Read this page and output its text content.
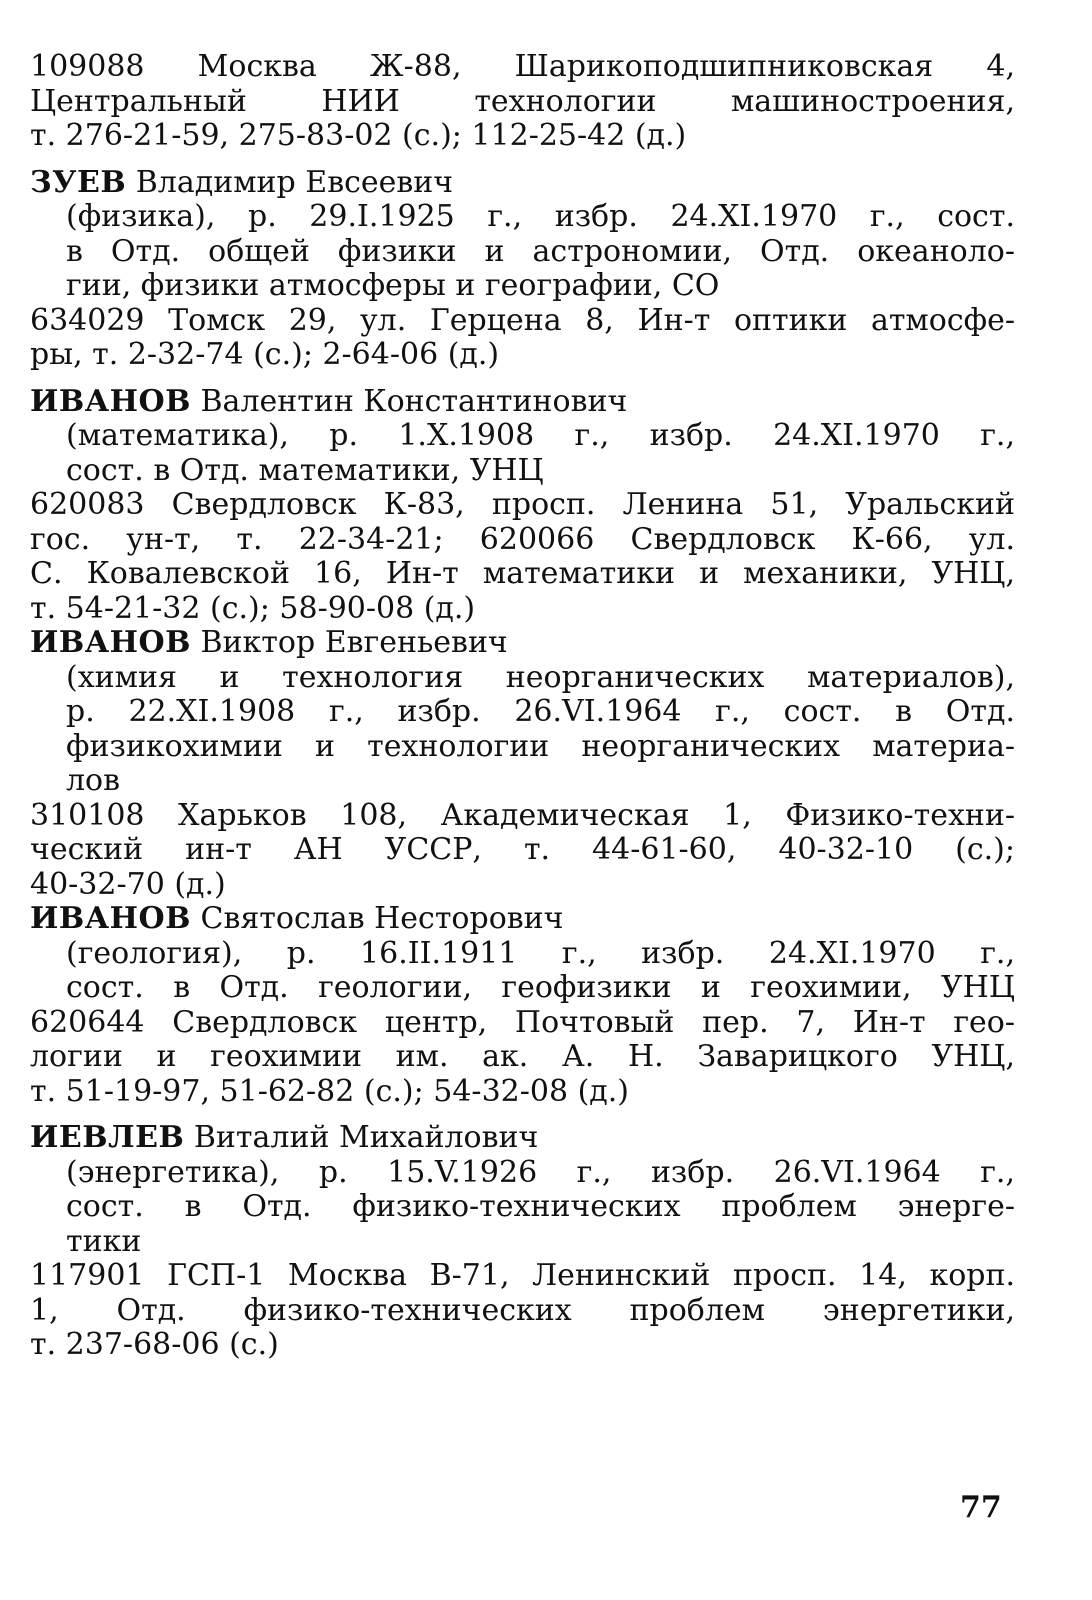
109088 Москва Ж-88, Шарикоподшипниковская 4,
Центральный НИИ технологии машиностроения,
т. 276-21-59, 275-83-02 (с.); 112-25-42 (д.)
ЗУЕВ Владимир Евсеевич
(физика), р. 29.I.1925 г., избр. 24.XI.1970 г., сост.
в Отд. общей физики и астрономии, Отд. океаноло-
гии, физики атмосферы и географии, СО
634029 Томск 29, ул. Герцена 8, Ин-т оптики атмосфе-
ры, т. 2-32-74 (с.); 2-64-06 (д.)
ИВАНОВ Валентин Константинович
(математика), р. 1.X.1908 г., избр. 24.XI.1970 г.,
сост. в Отд. математики, УНЦ
620083 Свердловск К-83, просп. Ленина 51, Уральский
гос. ун-т, т. 22-34-21; 620066 Свердловск К-66, ул.
С. Ковалевской 16, Ин-т математики и механики, УНЦ,
т. 54-21-32 (с.); 58-90-08 (д.)
ИВАНОВ Виктор Евгеньевич
(химия и технология неорганических материалов),
р. 22.XI.1908 г., избр. 26.VI.1964 г., сост. в Отд.
физикохимии и технологии неорганических материа-
лов
310108 Харьков 108, Академическая 1, Физико-техни-
ческий ин-т АН УССР, т. 44-61-60, 40-32-10 (с.);
40-32-70 (д.)
ИВАНОВ Святослав Несторович
(геология), р. 16.II.1911 г., избр. 24.XI.1970 г.,
сост. в Отд. геологии, геофизики и геохимии, УНЦ
620644 Свердловск центр, Почтовый пер. 7, Ин-т гео-
логии и геохимии им. ак. А. Н. Заварицкого УНЦ,
т. 51-19-97, 51-62-82 (с.); 54-32-08 (д.)
ИЕВЛЕВ Виталий Михайлович
(энергетика), р. 15.V.1926 г., избр. 26.VI.1964 г.,
сост. в Отд. физико-технических проблем энерге-
тики
117901 ГСП-1 Москва В-71, Ленинский просп. 14, корп.
1, Отд. физико-технических проблем энергетики,
т. 237-68-06 (с.)
77
